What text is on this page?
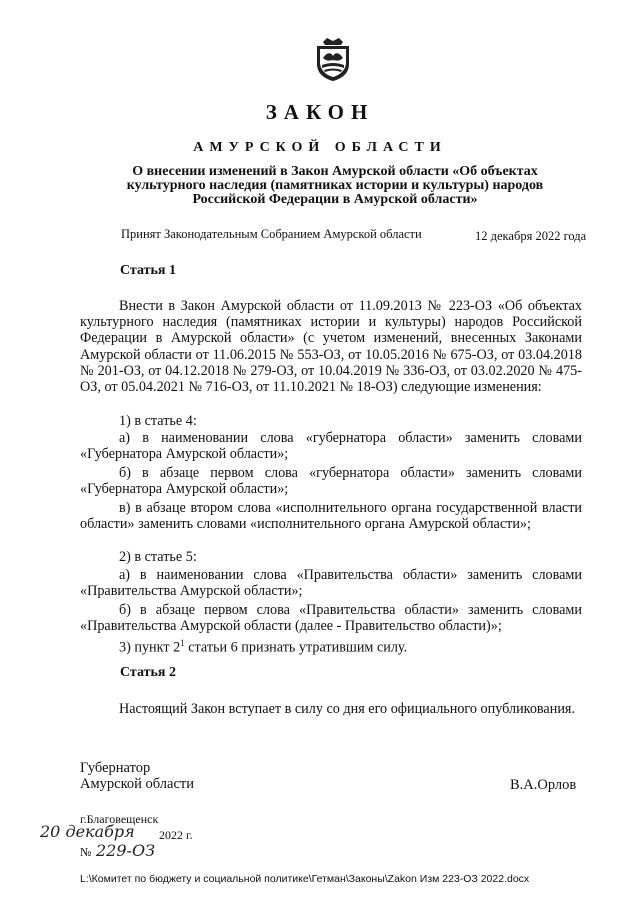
ЗАКОН
АМУРСКОЙ ОБЛАСТИ
О внесении изменений в Закон Амурской области «Об объектах культурного наследия (памятниках истории и культуры) народов Российской Федерации в Амурской области»
Принят Законодательным Собранием Амурской области	12 декабря 2022 года
Статья 1
Внести в Закон Амурской области от 11.09.2013 № 223-ОЗ «Об объектах культурного наследия (памятниках истории и культуры) народов Российской Федерации в Амурской области» (с учетом изменений, внесенных Законами Амурской области от 11.06.2015 № 553-ОЗ, от 10.05.2016 № 675-ОЗ, от 03.04.2018 № 201-ОЗ, от 04.12.2018 № 279-ОЗ, от 10.04.2019 № 336-ОЗ, от 03.02.2020 № 475-ОЗ, от 05.04.2021 № 716-ОЗ, от 11.10.2021 № 18-ОЗ) следующие изменения:
1) в статье 4:
а) в наименовании слова «губернатора области» заменить словами «Губернатора Амурской области»;
б) в абзаце первом слова «губернатора области» заменить словами «Губернатора Амурской области»;
в) в абзаце втором слова «исполнительного органа государственной власти области» заменить словами «исполнительного органа Амурской области»;
2) в статье 5:
а) в наименовании слова «Правительства области» заменить словами «Правительства Амурской области»;
б) в абзаце первом слова «Правительства области» заменить словами «Правительства Амурской области (далее - Правительство области)»;
3) пункт $2^1$ статьи 6 признать утратившим силу.
Статья 2
Настоящий Закон вступает в силу со дня его официального опубликования.
Губернатор
Амурской области	В.А.Орлов
г.Благовещенск
20 декабря 2022 г.
№ 229-ОЗ
L:\Комитет по бюджету и социальной политике\Гетман\Законы\Zakon Изм 223-ОЗ 2022.docx
